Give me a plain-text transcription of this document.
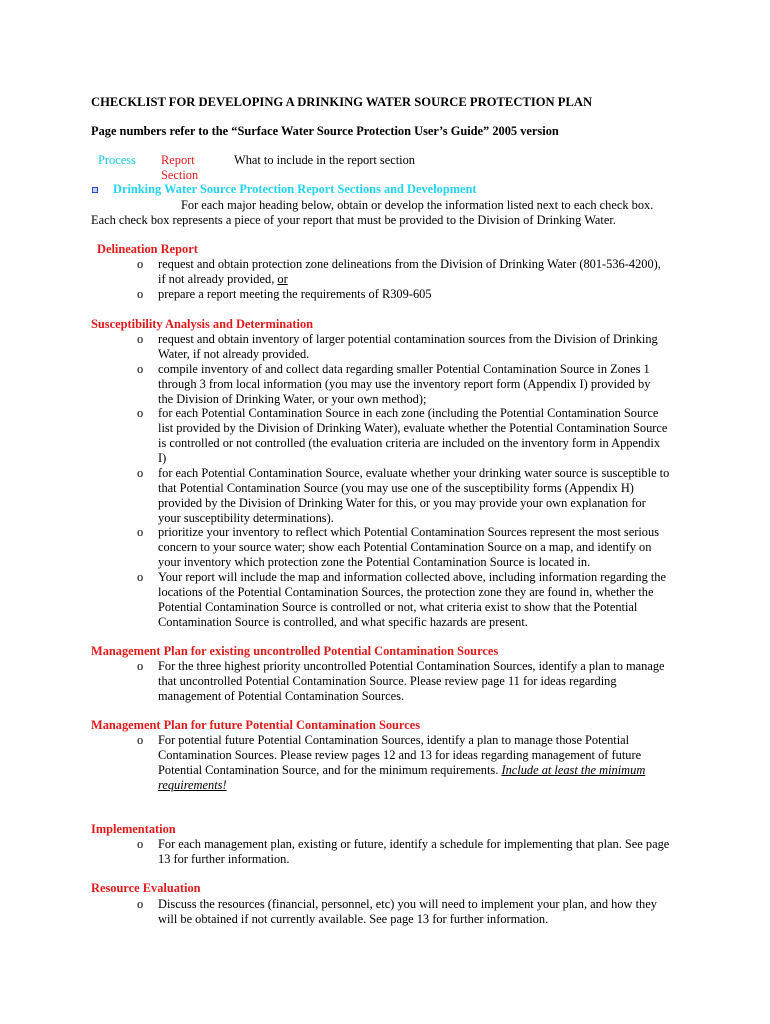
CHECKLIST FOR DEVELOPING A DRINKING WATER SOURCE PROTECTION PLAN
Page numbers refer to the “Surface Water Source Protection User’s Guide” 2005 version
Process Report
Section
What to include in the report section
Drinking Water Source Protection Report Sections and Development
For each major heading below, obtain or develop the information listed next to each check box.
Each check box represents a piece of your report that must be provided to the Division of Drinking Water.
Delineation Report
o request and obtain protection zone delineations from the Division of Drinking Water (801-536-4200),
if not already provided, or
o prepare a report meeting the requirements of R309-605
Susceptibility Analysis and Determination
o request and obtain inventory of larger potential contamination sources from the Division of Drinking
Water, if not already provided.
o compile inventory of and collect data regarding smaller Potential Contamination Source in Zones 1
through 3 from local information (you may use the inventory report form (Appendix I) provided by
the Division of Drinking Water, or your own method);
o for each Potential Contamination Source in each zone (including the Potential Contamination Source
list provided by the Division of Drinking Water), evaluate whether the Potential Contamination Source
is controlled or not controlled (the evaluation criteria are included on the inventory form in Appendix
I)
o for each Potential Contamination Source, evaluate whether your drinking water source is susceptible to
that Potential Contamination Source (you may use one of the susceptibility forms (Appendix H)
provided by the Division of Drinking Water for this, or you may provide your own explanation for
your susceptibility determinations).
o prioritize your inventory to reflect which Potential Contamination Sources represent the most serious
concern to your source water; show each Potential Contamination Source on a map, and identify on
your inventory which protection zone the Potential Contamination Source is located in.
o Your report will include the map and information collected above, including information regarding the
locations of the Potential Contamination Sources, the protection zone they are found in, whether the
Potential Contamination Source is controlled or not, what criteria exist to show that the Potential
Contamination Source is controlled, and what specific hazards are present.
Management Plan for existing uncontrolled Potential Contamination Sources
o For the three highest priority uncontrolled Potential Contamination Sources, identify a plan to manage
that uncontrolled Potential Contamination Source. Please review page 11 for ideas regarding
management of Potential Contamination Sources.
Management Plan for future Potential Contamination Sources
o For potential future Potential Contamination Sources, identify a plan to manage those Potential
Contamination Sources. Please review pages 12 and 13 for ideas regarding management of future
Potential Contamination Source, and for the minimum requirements. Include at least the minimum
requirements!
Implementation
o For each management plan, existing or future, identify a schedule for implementing that plan. See page
13 for further information.
Resource Evaluation
o Discuss the resources (financial, personnel, etc) you will need to implement your plan, and how they
will be obtained if not currently available. See page 13 for further information.
